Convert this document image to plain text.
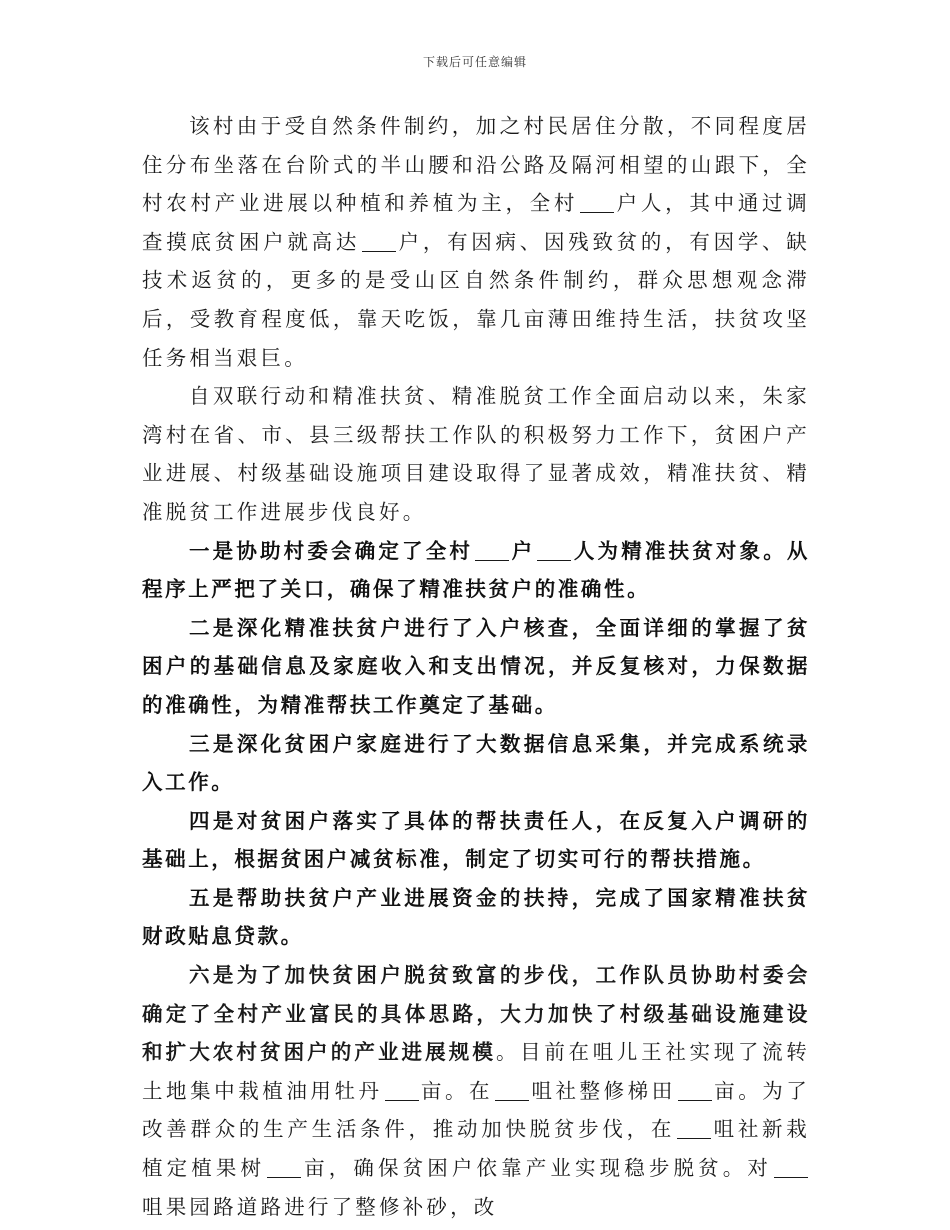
下载后可任意编辑

该村由于受自然条件制约，加之村民居住分散，不同程度居住分布坐落在台阶式的半山腰和沿公路及隔河相望的山跟下，全村农村产业进展以种植和养植为主，全村 户人，其中通过调查摸底贫困户就高达 户，有因病、因残致贫的，有因学、缺技术返贫的，更多的是受山区自然条件制约，群众思想观念滞后，受教育程度低，靠天吃饭，靠几亩薄田维持生活，扶贫攻坚任务相当艰巨。

自双联行动和精准扶贫、精准脱贫工作全面启动以来，朱家湾村在省、市、县三级帮扶工作队的积极努力工作下，贫困户产业进展、村级基础设施项目建设取得了显著成效，精准扶贫、精准脱贫工作进展步伐良好。

一是协助村委会确定了全村 户 人为精准扶贫对象。从程序上严把了关口，确保了精准扶贫户的准确性。

二是深化精准扶贫户进行了入户核查，全面详细的掌握了贫困户的基础信息及家庭收入和支出情况，并反复核对，力保数据的准确性，为精准帮扶工作奠定了基础。

三是深化贫困户家庭进行了大数据信息采集，并完成系统录入工作。

四是对贫困户落实了具体的帮扶责任人，在反复入户调研的基础上，根据贫困户减贫标准，制定了切实可行的帮扶措施。

五是帮助扶贫户产业进展资金的扶持，完成了国家精准扶贫财政贴息贷款。

六是为了加快贫困户脱贫致富的步伐，工作队员协助村委会确定了全村产业富民的具体思路，大力加快了村级基础设施建设和扩大农村贫困户的产业进展规模。目前在咀儿王社实现了流转土地集中栽植油用牡丹 亩。在 咀社整修梯田 亩。为了改善群众的生产生活条件，推动加快脱贫步伐，在 咀社新栽植定植果树 亩，确保贫困户依靠产业实现稳步脱贫。对咀果园路道路进行了整修补砂，改
